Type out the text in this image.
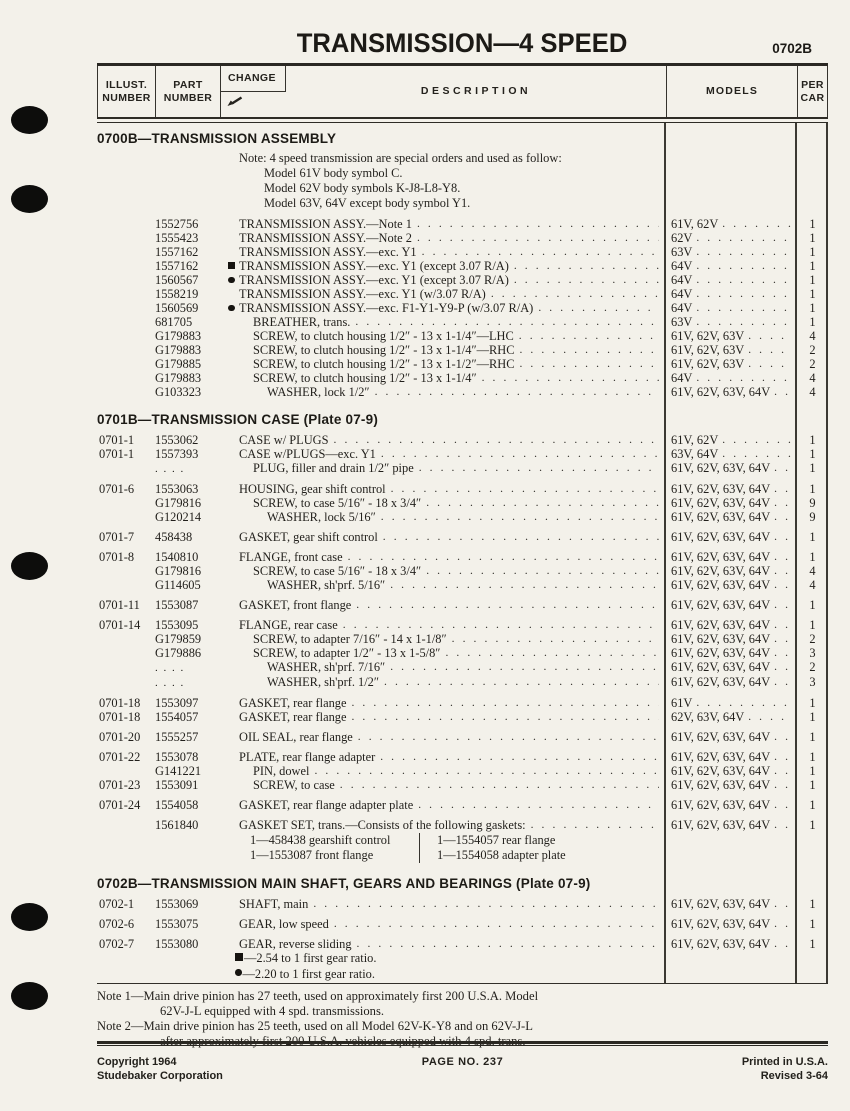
TRANSMISSION—4 SPEED	0702B
ILLUST.
NUMBER
PART
NUMBER
CHANGE
DESCRIPTION	MODELS
PER
CAR
0700B—TRANSMISSION ASSEMBLY
Note: 4 speed transmission are special orders and used as follow:
Model 61V body symbol C.
Model 62V body symbols K-J8-L8-Y8.
Model 63V, 64V except body symbol Y1.
1552756	TRANSMISSION ASSY.—Note 1 . . .	61V, 62V . . .	1
1555423	TRANSMISSION ASSY.—Note 2 . . .	62V . . .	1
1557162	TRANSMISSION ASSY.—exc. Y1 . . .	63V . . .	1
1557162	TRANSMISSION ASSY.—exc. Y1 (except 3.07 R/A) . . .	64V . . .	1
1560567	TRANSMISSION ASSY.—exc. Y1 (except 3.07 R/A) . . .	64V . . .	1
1558219	TRANSMISSION ASSY.—exc. Y1 (w/3.07 R/A) . . .	64V . . .	1
1560569	TRANSMISSION ASSY.—exc. F1-Y1-Y9-P (w/3.07 R/A) . . .	64V . . .	1
681705	BREATHER, trans. . . .	63V . . .	1
G179883	SCREW, to clutch housing 1/2″ - 13 x 1-1/4″—LHC . . .	61V, 62V, 63V . . .	4
G179883	SCREW, to clutch housing 1/2″ - 13 x 1-1/4″—RHC . . .	61V, 62V, 63V . . .	2
G179885	SCREW, to clutch housing 1/2″ - 13 x 1-1/2″—RHC . . .	61V, 62V, 63V . . .	2
G179883	SCREW, to clutch housing 1/2″ - 13 x 1-1/4″ . . .	64V . . .	4
G103323	WASHER, lock 1/2″ . . .	61V, 62V, 63V, 64V . . .	4
0701B—TRANSMISSION CASE (Plate 07-9)
0701-1	1553062	CASE w/ PLUGS . . .	61V, 62V . . .	1
0701-1	1557393	CASE w/PLUGS—exc. Y1 . . .	63V, 64V . . .	1
. . . .	PLUG, filler and drain 1/2″ pipe . . .	61V, 62V, 63V, 64V . . .	1
0701-6	1553063	HOUSING, gear shift control . . .	61V, 62V, 63V, 64V . . .	1
G179816	SCREW, to case 5/16″ - 18 x 3/4″ . . .	61V, 62V, 63V, 64V . . .	9
G120214	WASHER, lock 5/16″ . . .	61V, 62V, 63V, 64V . . .	9
0701-7	458438	GASKET, gear shift control . . .	61V, 62V, 63V, 64V . . .	1
0701-8	1540810	FLANGE, front case . . .	61V, 62V, 63V, 64V . . .	1
G179816	SCREW, to case 5/16″ - 18 x 3/4″ . . .	61V, 62V, 63V, 64V . . .	4
G114605	WASHER, sh'prf. 5/16″ . . .	61V, 62V, 63V, 64V . . .	4
0701-11	1553087	GASKET, front flange . . .	61V, 62V, 63V, 64V . . .	1
0701-14	1553095	FLANGE, rear case . . .	61V, 62V, 63V, 64V . . .	1
G179859	SCREW, to adapter 7/16″ - 14 x 1-1/8″ . . .	61V, 62V, 63V, 64V . . .	2
G179886	SCREW, to adapter 1/2″ - 13 x 1-5/8″ . . .	61V, 62V, 63V, 64V . . .	3
. . . .	WASHER, sh'prf. 7/16″ . . .	61V, 62V, 63V, 64V . . .	2
. . . .	WASHER, sh'prf. 1/2″ . . .	61V, 62V, 63V, 64V . . .	3
0701-18	1553097	GASKET, rear flange . . .	61V . . .	1
0701-18	1554057	GASKET, rear flange . . .	62V, 63V, 64V . . .	1
0701-20	1555257	OIL SEAL, rear flange . . .	61V, 62V, 63V, 64V . . .	1
0701-22	1553078	PLATE, rear flange adapter . . .	61V, 62V, 63V, 64V . . .	1
G141221	PIN, dowel . . .	61V, 62V, 63V, 64V . . .	1
0701-23	1553091	SCREW, to case . . .	61V, 62V, 63V, 64V . . .	1
0701-24	1554058	GASKET, rear flange adapter plate . . .	61V, 62V, 63V, 64V . . .	1
1561840	GASKET SET, trans.—Consists of the following gaskets: . . .	61V, 62V, 63V, 64V . . .	1
1—458438 gearshift control
1—1553087 front flange
1—1554057 rear flange
1—1554058 adapter plate
0702B—TRANSMISSION MAIN SHAFT, GEARS AND BEARINGS (Plate 07-9)
0702-1	1553069	SHAFT, main . . .	61V, 62V, 63V, 64V . . .	1
0702-6	1553075	GEAR, low speed . . .	61V, 62V, 63V, 64V . . .	1
0702-7	1553080	GEAR, reverse sliding . . .	61V, 62V, 63V, 64V . . .	1
—2.54 to 1 first gear ratio.
—2.20 to 1 first gear ratio.
Note 1—Main drive pinion has 27 teeth, used on approximately first 200 U.S.A. Model
62V-J-L equipped with 4 spd. transmissions.
Note 2—Main drive pinion has 25 teeth, used on all Model 62V-K-Y8 and on 62V-J-L
after approximately first 200 U.S.A. vehicles equipped with 4 spd. trans.
Copyright 1964
Studebaker Corporation
PAGE NO. 237	Printed in U.S.A.
Revised 3-64
